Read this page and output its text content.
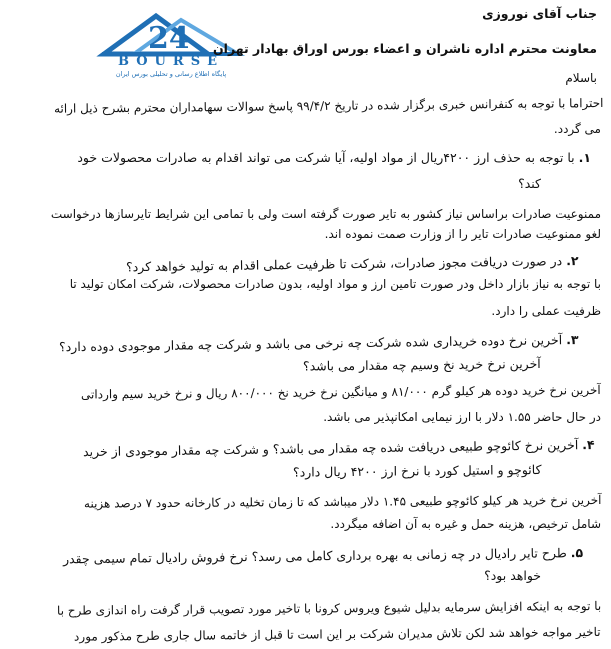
24
BOURSE
پایگاه اطلاع رسانی و تحلیلی بورس ایران
جناب آقای نوروزی
معاونت محترم اداره ناشران و اعضاء بورس اوراق بهادار تهران
باسلام
احتراما با توجه به کنفرانس خبری برگزار شده در تاریخ ۹۹/۴/۲ پاسخ سوالات سهامداران محترم بشرح ذیل ارائه
می گردد.
۱. با توجه به حذف ارز ۴۲۰۰ریال از مواد اولیه، آیا شرکت می تواند اقدام به صادرات محصولات خود
کند؟
ممنوعیت صادرات براساس نیاز کشور به تایر صورت گرفته است ولی با تمامی این شرایط تایرسازها درخواست
لغو ممنوعیت صادرات تایر را از وزارت صمت نموده اند.
۲. در صورت دریافت مجوز صادرات، شرکت تا ظرفیت عملی اقدام به تولید خواهد کرد؟
با توجه به نیاز بازار داخل ودر صورت تامین ارز و مواد اولیه، بدون صادرات محصولات، شرکت امکان تولید تا
ظرفیت عملی را دارد.
۳. آخرین نرخ دوده خریداری شده شرکت چه نرخی می باشد و شرکت چه مقدار موجودی دوده دارد؟
آخرین نرخ خرید نخ وسیم چه مقدار می باشد؟
آخرین نرخ خرید دوده هر کیلو گرم ۸۱/۰۰۰ و میانگین نرخ خرید نخ ۸۰۰/۰۰۰ ریال و نرخ خرید سیم وارداتی
در حال حاضر ۱.۵۵ دلار با ارز نیمایی امکانپذیر می باشد.
۴. آخرین نرخ کائوچو طبیعی دریافت شده چه مقدار می باشد؟ و شرکت چه مقدار موجودی از خرید
کائوچو و استیل کورد با نرخ ارز ۴۲۰۰ ریال دارد؟
آخرین نرخ خرید هر کیلو کائوچو طبیعی ۱.۴۵ دلار میباشد که تا زمان تخلیه در کارخانه حدود ۷ درصد هزینه
شامل ترخیص، هزینه حمل و غیره به آن اضافه میگردد.
۵. طرح تایر رادیال در چه زمانی به بهره برداری کامل می رسد؟ نرخ فروش رادیال تمام سیمی چقدر
خواهد بود؟
با توجه به اینکه افزایش سرمایه بدلیل شیوع ویروس کرونا با تاخیر مورد تصویب قرار گرفت راه اندازی طرح با
تاخیر مواجه خواهد شد لکن تلاش مدیران شرکت بر این است تا قبل از خاتمه سال جاری طرح مذکور مورد
